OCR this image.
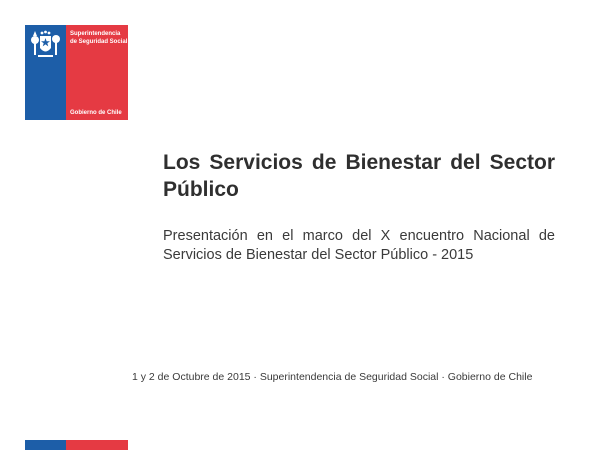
Superintendencia de Seguridad Social
Gobierno de Chile
Los Servicios de Bienestar del Sector Público

Presentación en el marco del X encuentro Nacional de Servicios de Bienestar del Sector Público - 2015

1 y 2 de Octubre de 2015 · Superintendencia de Seguridad Social · Gobierno de Chile
